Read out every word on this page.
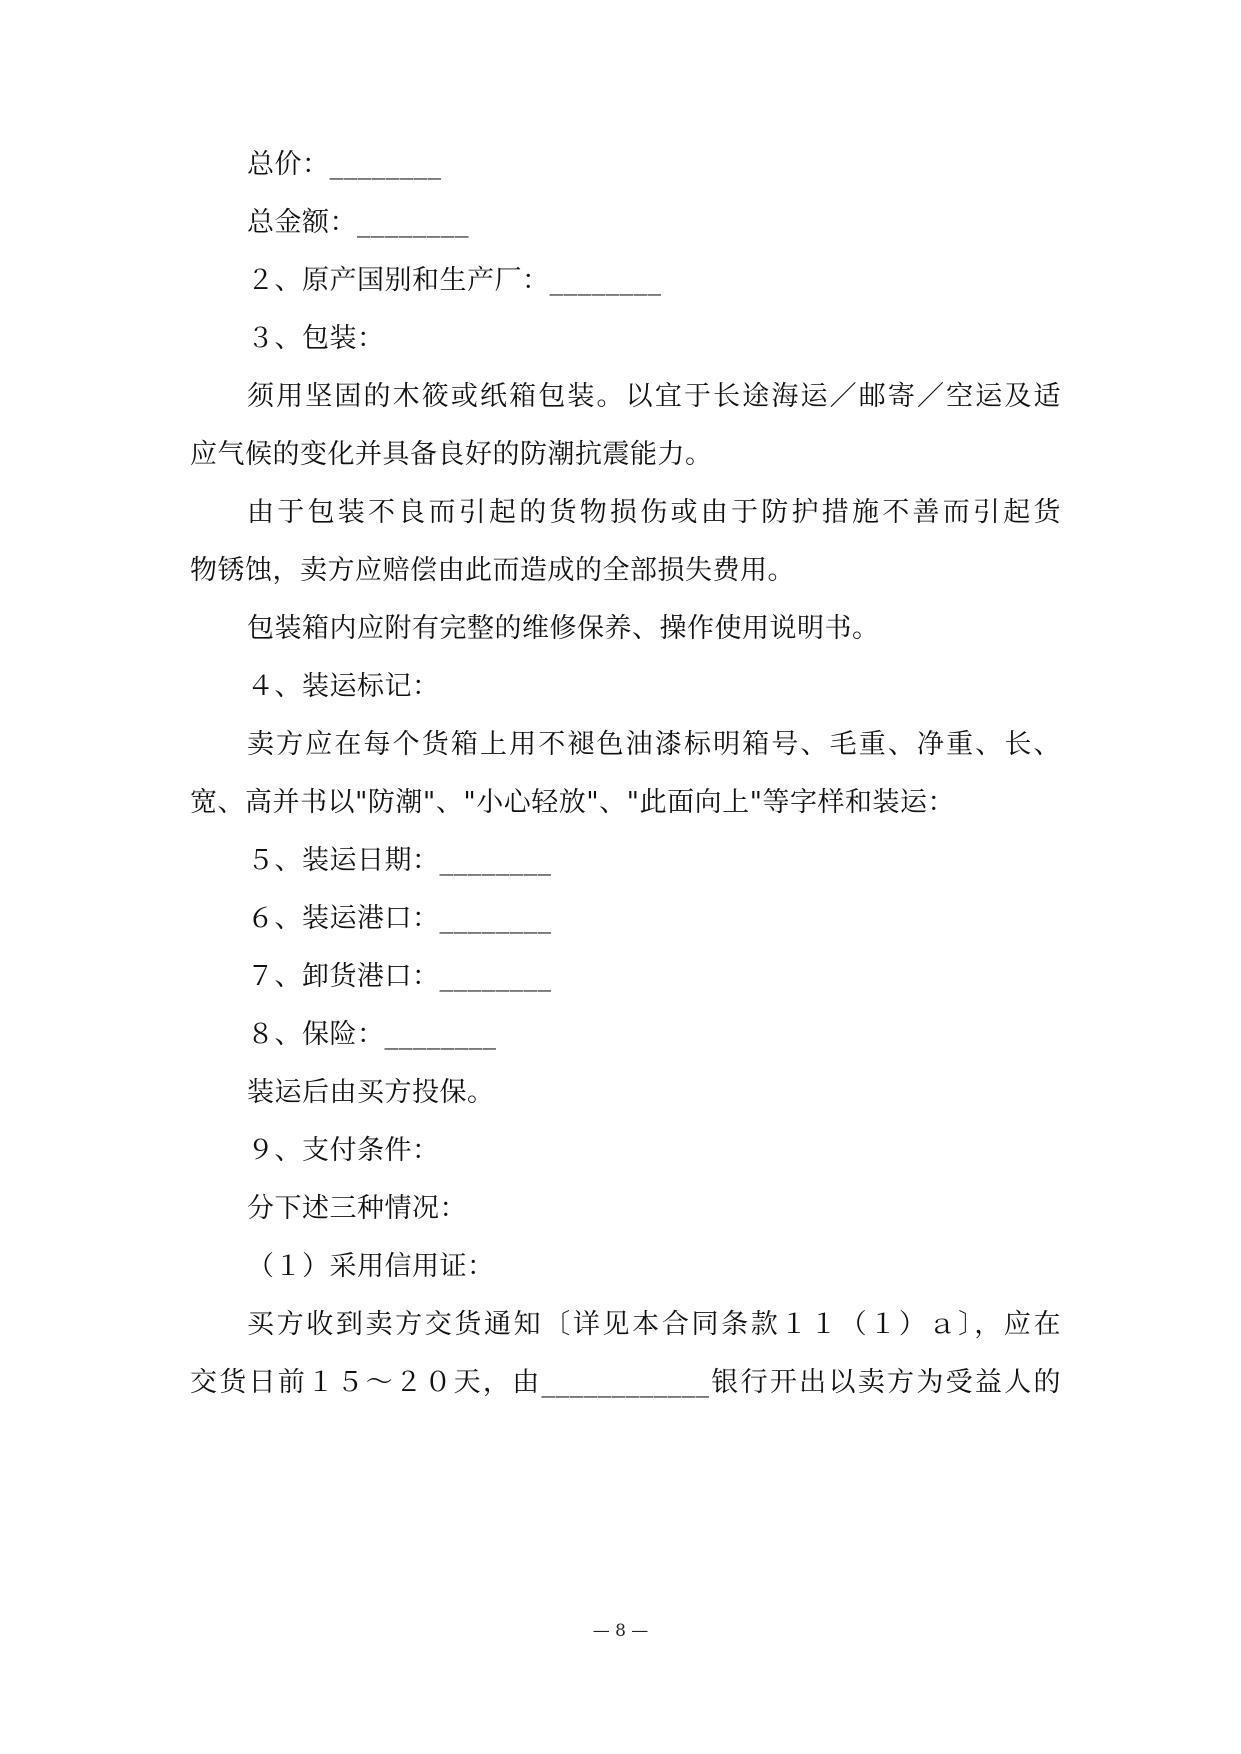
总价：________
总金额：________
２、原产国别和生产厂：________
３、包装：
须用坚固的木筱或纸箱包装。以宜于长途海运／邮寄／空运及适
应气候的变化并具备良好的防潮抗震能力。
由于包装不良而引起的货物损伤或由于防护措施不善而引起货
物锈蚀，卖方应赔偿由此而造成的全部损失费用。
包装箱内应附有完整的维修保养、操作使用说明书。
４、装运标记：
卖方应在每个货箱上用不褪色油漆标明箱号、毛重、净重、长、
宽、高并书以"防潮"、"小心轻放"、"此面向上"等字样和装运：
５、装运日期：________
６、装运港口：________
７、卸货港口：________
８、保险：________
装运后由买方投保。
９、支付条件：
分下述三种情况：
（１）采用信用证：
买方收到卖方交货通知〔详见本合同条款１１（１）ａ〕，应在
交货日前１５～２０天，由____________银行开出以卖方为受益人的
— 8 —
